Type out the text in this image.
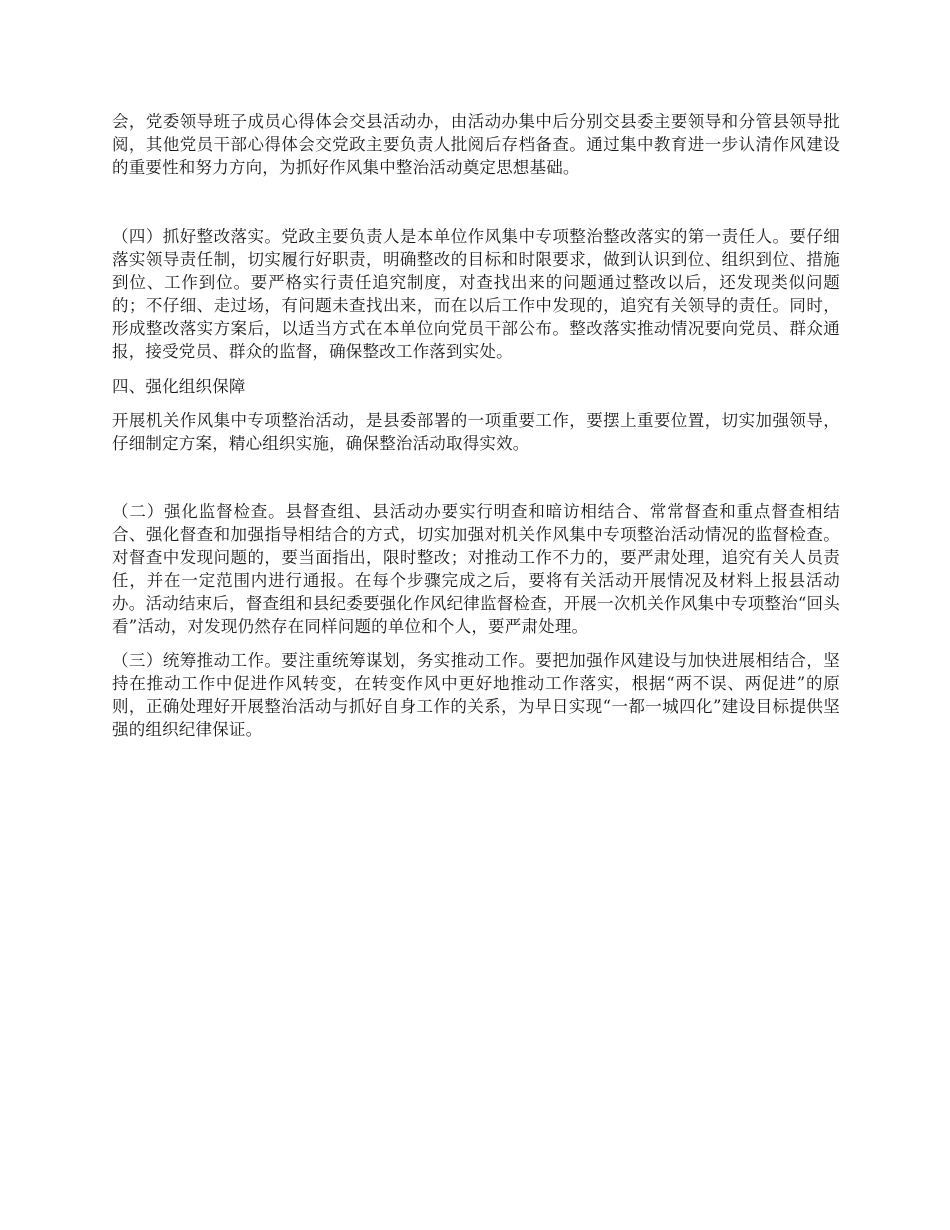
会，党委领导班子成员心得体会交县活动办，由活动办集中后分别交县委主要领导和分管县领导批阅，其他党员干部心得体会交党政主要负责人批阅后存档备查。通过集中教育进一步认清作风建设的重要性和努力方向，为抓好作风集中整治活动奠定思想基础。

（四）抓好整改落实。党政主要负责人是本单位作风集中专项整治整改落实的第一责任人。要仔细落实领导责任制，切实履行好职责，明确整改的目标和时限要求，做到认识到位、组织到位、措施到位、工作到位。要严格实行责任追究制度，对查找出来的问题通过整改以后，还发现类似问题的；不仔细、走过场，有问题未查找出来，而在以后工作中发现的，追究有关领导的责任。同时，形成整改落实方案后，以适当方式在本单位向党员干部公布。整改落实推动情况要向党员、群众通报，接受党员、群众的监督，确保整改工作落到实处。

四、强化组织保障

开展机关作风集中专项整治活动，是县委部署的一项重要工作，要摆上重要位置，切实加强领导，仔细制定方案，精心组织实施，确保整治活动取得实效。

（二）强化监督检查。县督查组、县活动办要实行明查和暗访相结合、常常督查和重点督查相结合、强化督查和加强指导相结合的方式，切实加强对机关作风集中专项整治活动情况的监督检查。对督查中发现问题的，要当面指出，限时整改；对推动工作不力的，要严肃处理，追究有关人员责任，并在一定范围内进行通报。在每个步骤完成之后，要将有关活动开展情况及材料上报县活动办。活动结束后，督查组和县纪委要强化作风纪律监督检查，开展一次机关作风集中专项整治“回头看”活动，对发现仍然存在同样问题的单位和个人，要严肃处理。

（三）统筹推动工作。要注重统筹谋划，务实推动工作。要把加强作风建设与加快进展相结合，坚持在推动工作中促进作风转变，在转变作风中更好地推动工作落实，根据“两不误、两促进”的原则，正确处理好开展整治活动与抓好自身工作的关系，为早日实现“一都一城四化”建设目标提供坚强的组织纪律保证。
